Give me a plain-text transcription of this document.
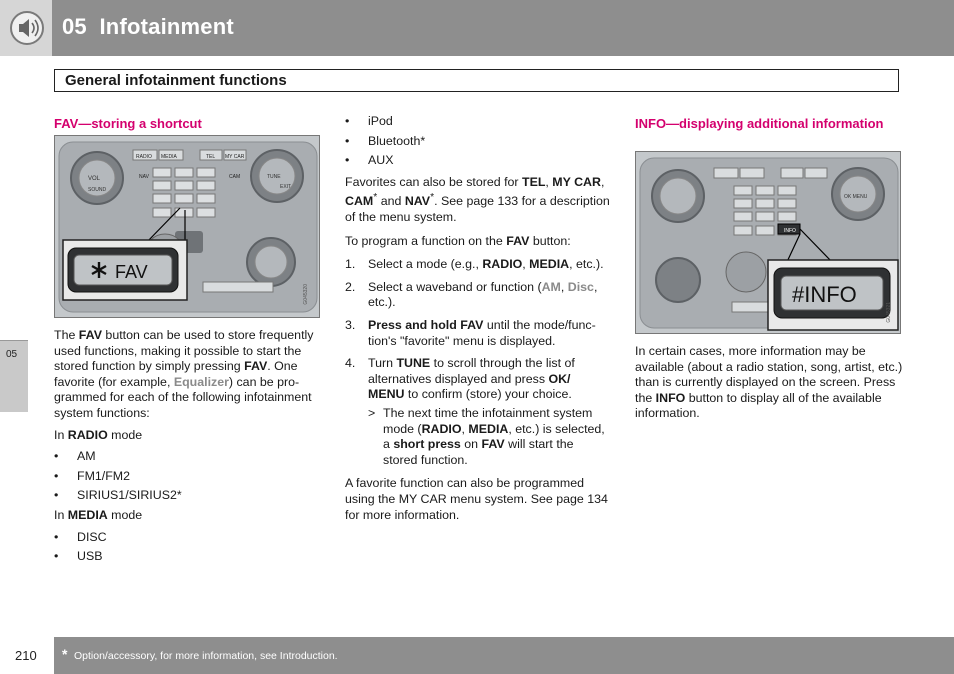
05 Infotainment
General infotainment functions
05
FAV—storing a shortcut
VOL
SOUND
TUNE
EXIT
RADIO MEDIA	TEL MY CAR
NAV	CAM
FAV
G045320

The FAV button can be used to store frequently used functions, making it possible to start the stored function by simply pressing FAV. One favorite (for example, Equalizer) can be programmed for each of the following infotainment system functions:

In RADIO mode

• AM
• FM1/FM2
• SIRIUS1/SIRIUS2*

In MEDIA mode

• DISC
• USB
• iPod
• Bluetooth*
• AUX

Favorites can also be stored for TEL, MY CAR, CAM* and NAV*. See page 133 for a description of the menu system.

To program a function on the FAV button:

1. Select a mode (e.g., RADIO, MEDIA, etc.).
2. Select a waveband or function (AM, Disc, etc.).
3. Press and hold FAV until the mode/function's "favorite" menu is displayed.
4. Turn TUNE to scroll through the list of alternatives displayed and press OK/ MENU to confirm (store) your choice.
> The next time the infotainment system mode (RADIO, MEDIA, etc.) is selected, a short press on FAV will start the stored function.

A favorite function can also be programmed using the MY CAR menu system. See page 134 for more information.

INFO—displaying additional information
OK MENU
INFO
#INFO
G045321

In certain cases, more information may be available (about a radio station, song, artist, etc.) than is currently displayed on the screen. Press the INFO button to display all of the available information.

210 * Option/accessory, for more information, see Introduction.
